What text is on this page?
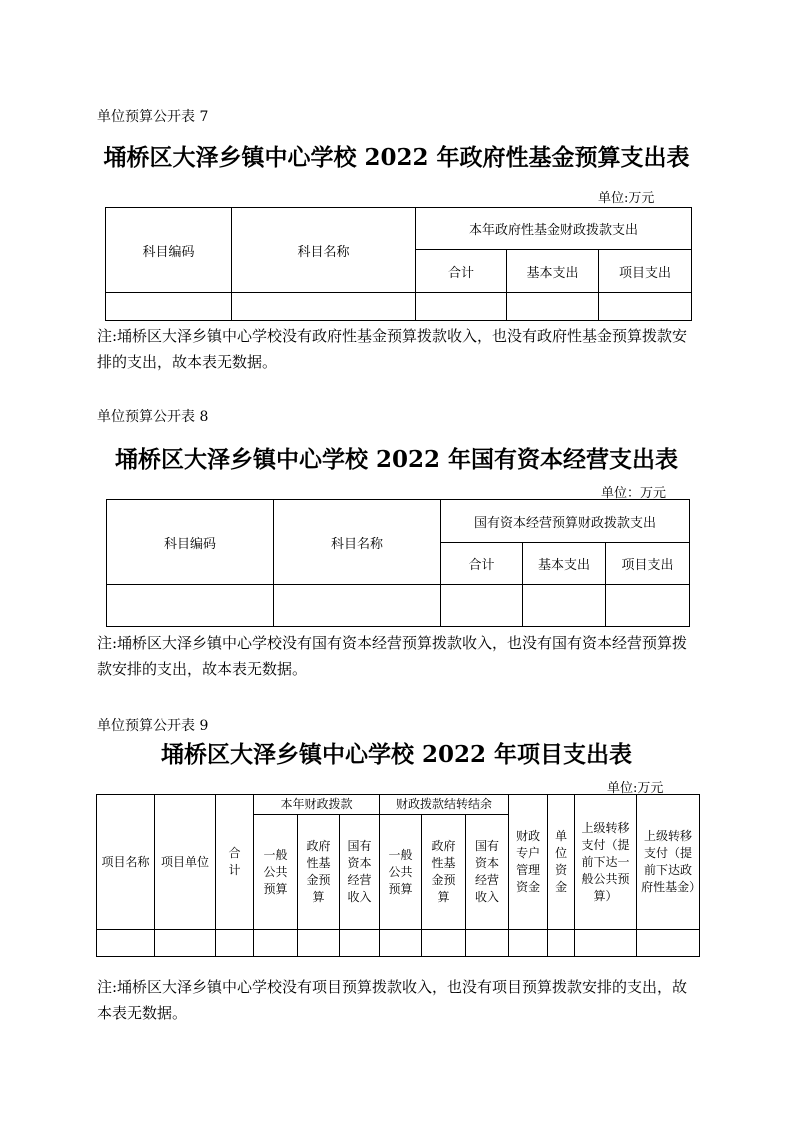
单位预算公开表 7
埇桥区大泽乡镇中心学校 2022 年政府性基金预算支出表
单位:万元
科目编码	科目名称	本年政府性基金财政拨款支出		
		合计	基本支出	项目支出

注:埇桥区大泽乡镇中心学校没有政府性基金预算拨款收入，也没有政府性基金预算拨款安排的支出，故本表无数据。
单位预算公开表 8
埇桥区大泽乡镇中心学校 2022 年国有资本经营支出表
单位：万元
科目编码	科目名称	国有资本经营预算财政拨款支出		
		合计	基本支出	项目支出

注:埇桥区大泽乡镇中心学校没有国有资本经营预算拨款收入，也没有国有资本经营预算拨款安排的支出，故本表无数据。
单位预算公开表 9
埇桥区大泽乡镇中心学校 2022 年项目支出表
单位:万元
项目名称	项目单位	合计	本年财政拨款			财政拨款结转结余			财政专户管理资金	单位资金	上级转移支付（提前下达一般公共预算）	上级转移支付（提前下达政府性基金）
			一般公共预算	政府性基金预算	国有资本经营收入	一般公共预算	政府性基金预算	国有资本经营收入				

注:埇桥区大泽乡镇中心学校没有项目预算拨款收入，也没有项目预算拨款安排的支出，故本表无数据。
